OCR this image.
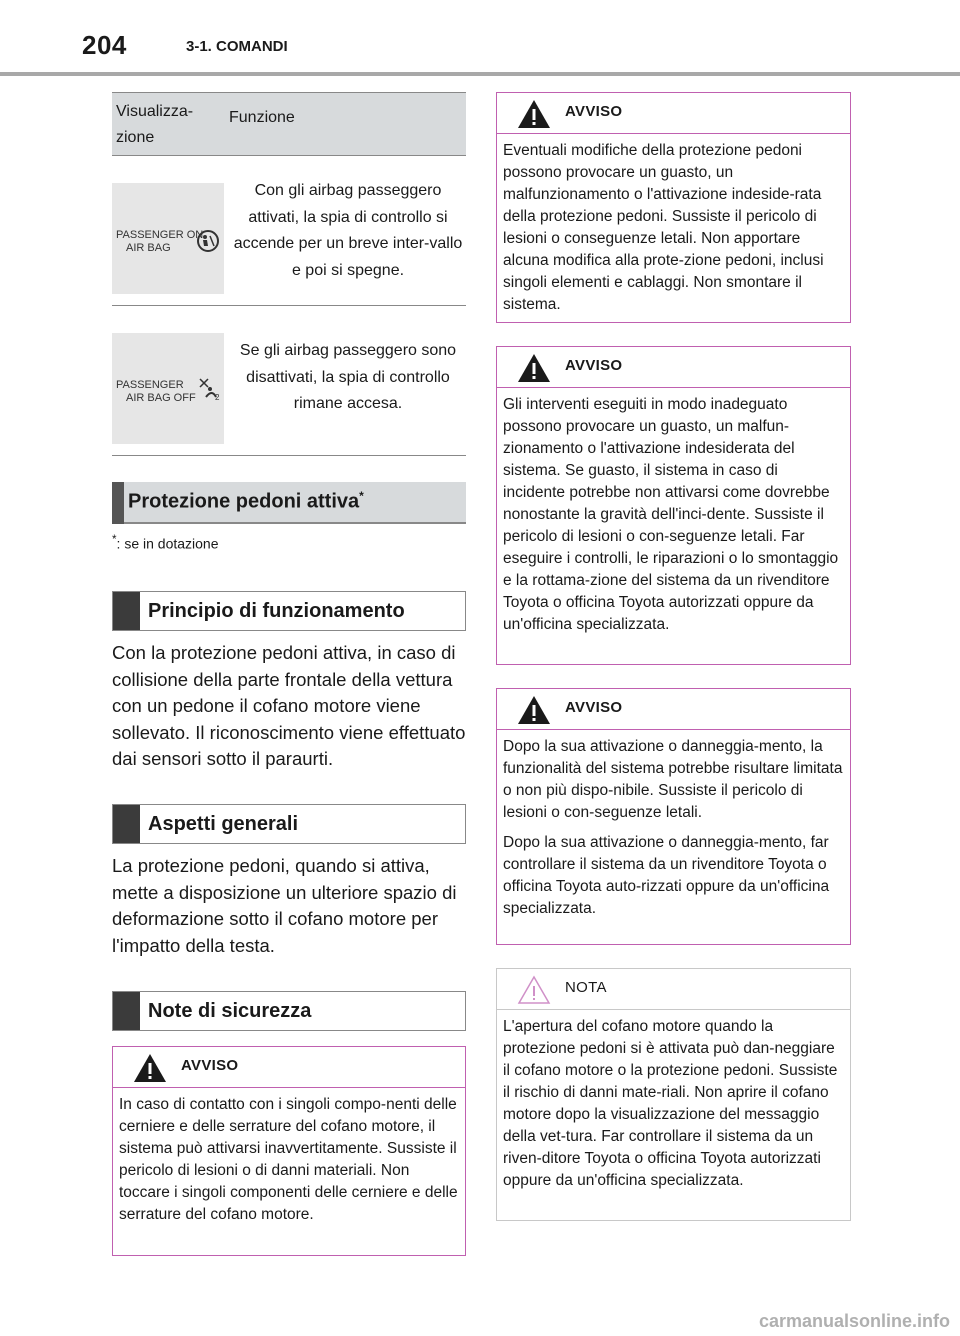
204	3-1. COMANDI
Visualizza-zione
Funzione
PASSENGER ON
AIR BAG
Con gli airbag passeggero attivati, la spia di controllo si accende per un breve inter-vallo e poi si spegne.
PASSENGER
AIR BAG OFF 2
Se gli airbag passeggero sono disattivati, la spia di controllo rimane accesa.
Protezione pedoni attiva*
*: se in dotazione
Principio di funzionamento
Con la protezione pedoni attiva, in caso di collisione della parte frontale della vettura con un pedone il cofano motore viene sollevato. Il riconoscimento viene effettuato dai sensori sotto il paraurti.
Aspetti generali
La protezione pedoni, quando si attiva, mette a disposizione un ulteriore spazio di deformazione sotto il cofano motore per l'impatto della testa.
Note di sicurezza
AVVISO

In caso di contatto con i singoli compo-nenti delle cerniere e delle serrature del cofano motore, il sistema può attivarsi inavvertitamente. Sussiste il pericolo di lesioni o di danni materiali. Non toccare i singoli componenti delle cerniere e delle serrature del cofano motore.

AVVISO

Eventuali modifiche della protezione pedoni possono provocare un guasto, un malfunzionamento o l'attivazione indeside-rata della protezione pedoni. Sussiste il pericolo di lesioni o conseguenze letali. Non apportare alcuna modifica alla prote-zione pedoni, inclusi singoli elementi e cablaggi. Non smontare il sistema.

AVVISO

Gli interventi eseguiti in modo inadeguato possono provocare un guasto, un malfun-zionamento o l'attivazione indesiderata del sistema. Se guasto, il sistema in caso di incidente potrebbe non attivarsi come dovrebbe nonostante la gravità dell'inci-dente. Sussiste il pericolo di lesioni o con-seguenze letali. Far eseguire i controlli, le riparazioni o lo smontaggio e la rottama-zione del sistema da un rivenditore Toyota o officina Toyota autorizzati oppure da un'officina specializzata.

AVVISO

Dopo la sua attivazione o danneggia-mento, la funzionalità del sistema potrebbe risultare limitata o non più dispo-nibile. Sussiste il pericolo di lesioni o con-seguenze letali.

Dopo la sua attivazione o danneggia-mento, far controllare il sistema da un rivenditore Toyota o officina Toyota auto-rizzati oppure da un'officina specializzata.

NOTA

L'apertura del cofano motore quando la protezione pedoni si è attivata può dan-neggiare il cofano motore o la protezione pedoni. Sussiste il rischio di danni mate-riali. Non aprire il cofano motore dopo la visualizzazione del messaggio della vet-tura. Far controllare il sistema da un riven-ditore Toyota o officina Toyota autorizzati oppure da un'officina specializzata.

carmanualsonline.info
